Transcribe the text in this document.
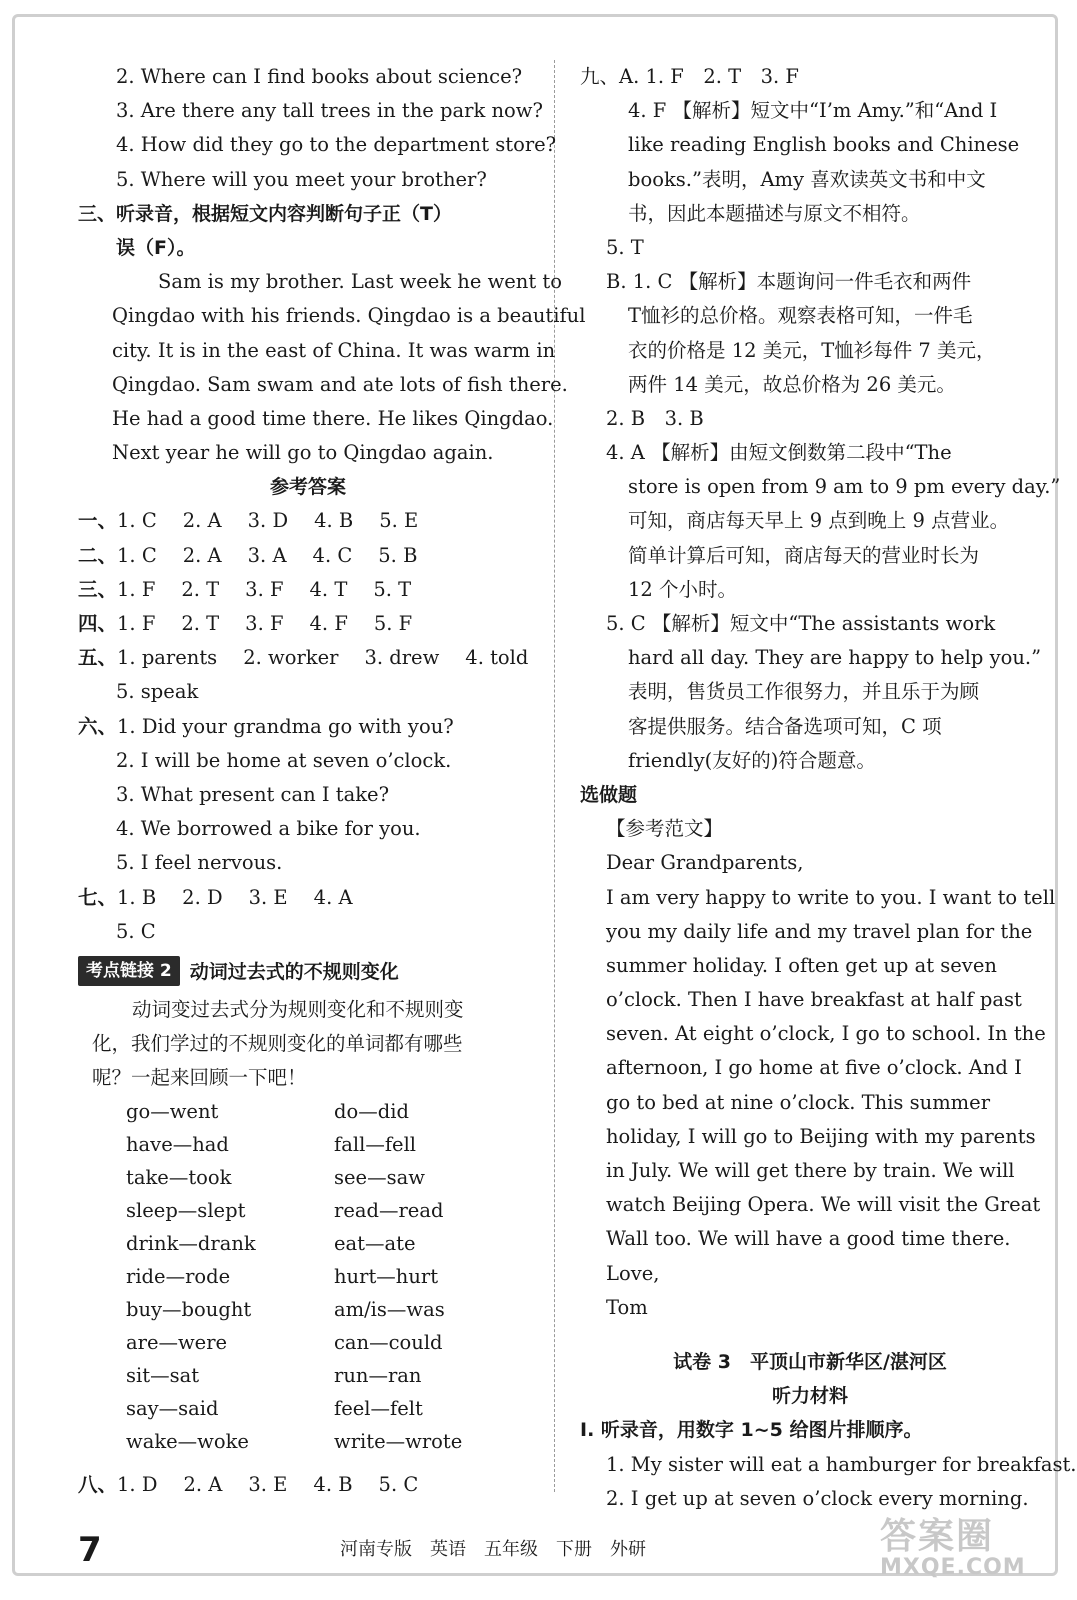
2. Where can I find books about science?
3. Are there any tall trees in the park now?
4. How did they go to the department store?
5. Where will you meet your brother?
三、听录音，根据短文内容判断句子正（T）
误（F）。
Sam is my brother. Last week he went to
Qingdao with his friends. Qingdao is a beautiful
city. It is in the east of China. It was warm in
Qingdao. Sam swam and ate lots of fish there.
He had a good time there. He likes Qingdao.
Next year he will go to Qingdao again.
参考答案
一、1. C 2. A 3. D 4. B 5. E
二、1. C 2. A 3. A 4. C 5. B
三、1. F 2. T 3. F 4. T 5. T
四、1. F 2. T 3. F 4. F 5. F
五、1. parents 2. worker 3. drew 4. told
5. speak
六、1. Did your grandma go with you?
2. I will be home at seven o’clock.
3. What present can I take?
4. We borrowed a bike for you.
5. I feel nervous.
七、1. B 2. D 3. E 4. A
5. C
考点链接 2 动词过去式的不规则变化
动词变过去式分为规则变化和不规则变
化，我们学过的不规则变化的单词都有哪些
呢？一起来回顾一下吧！
go—went	do—did
have—had	fall—fell
take—took	see—saw
sleep—slept	read—read
drink—drank	eat—ate
ride—rode	hurt—hurt
buy—bought	am/is—was
are—were	can—could
sit—sat	run—ran
say—said	feel—felt
wake—woke	write—wrote
八、1. D 2. A 3. E 4. B 5. C
九、A. 1. F　2. T　3. F
4. F 【解析】短文中“I’m Amy.”和“And I
like reading English books and Chinese
books.”表明，Amy 喜欢读英文书和中文
书，因此本题描述与原文不相符。
5. T
B. 1. C 【解析】本题询问一件毛衣和两件
T恤衫的总价格。观察表格可知，一件毛
衣的价格是 12 美元，T恤衫每件 7 美元，
两件 14 美元，故总价格为 26 美元。
2. B　3. B
4. A 【解析】由短文倒数第二段中“The
store is open from 9 am to 9 pm every day.”
可知，商店每天早上 9 点到晚上 9 点营业。
简单计算后可知，商店每天的营业时长为
12 个小时。
5. C 【解析】短文中“The assistants work
hard all day. They are happy to help you.”
表明，售货员工作很努力，并且乐于为顾
客提供服务。结合备选项可知，C 项
friendly(友好的)符合题意。
选做题
【参考范文】
Dear Grandparents,
I am very happy to write to you. I want to tell
you my daily life and my travel plan for the
summer holiday. I often get up at seven
o’clock. Then I have breakfast at half past
seven. At eight o’clock, I go to school. In the
afternoon, I go home at five o’clock. And I
go to bed at nine o’clock. This summer
holiday, I will go to Beijing with my parents
in July. We will get there by train. We will
watch Beijing Opera. We will visit the Great
Wall too. We will have a good time there.
Love,
Tom
试卷 3　平顶山市新华区/湛河区
听力材料
Ⅰ. 听录音，用数字 1~5 给图片排顺序。
1. My sister will eat a hamburger for breakfast.
2. I get up at seven o’clock every morning.
7	河南专版　英语　五年级　下册　外研	答案圈
MXQE.COM
